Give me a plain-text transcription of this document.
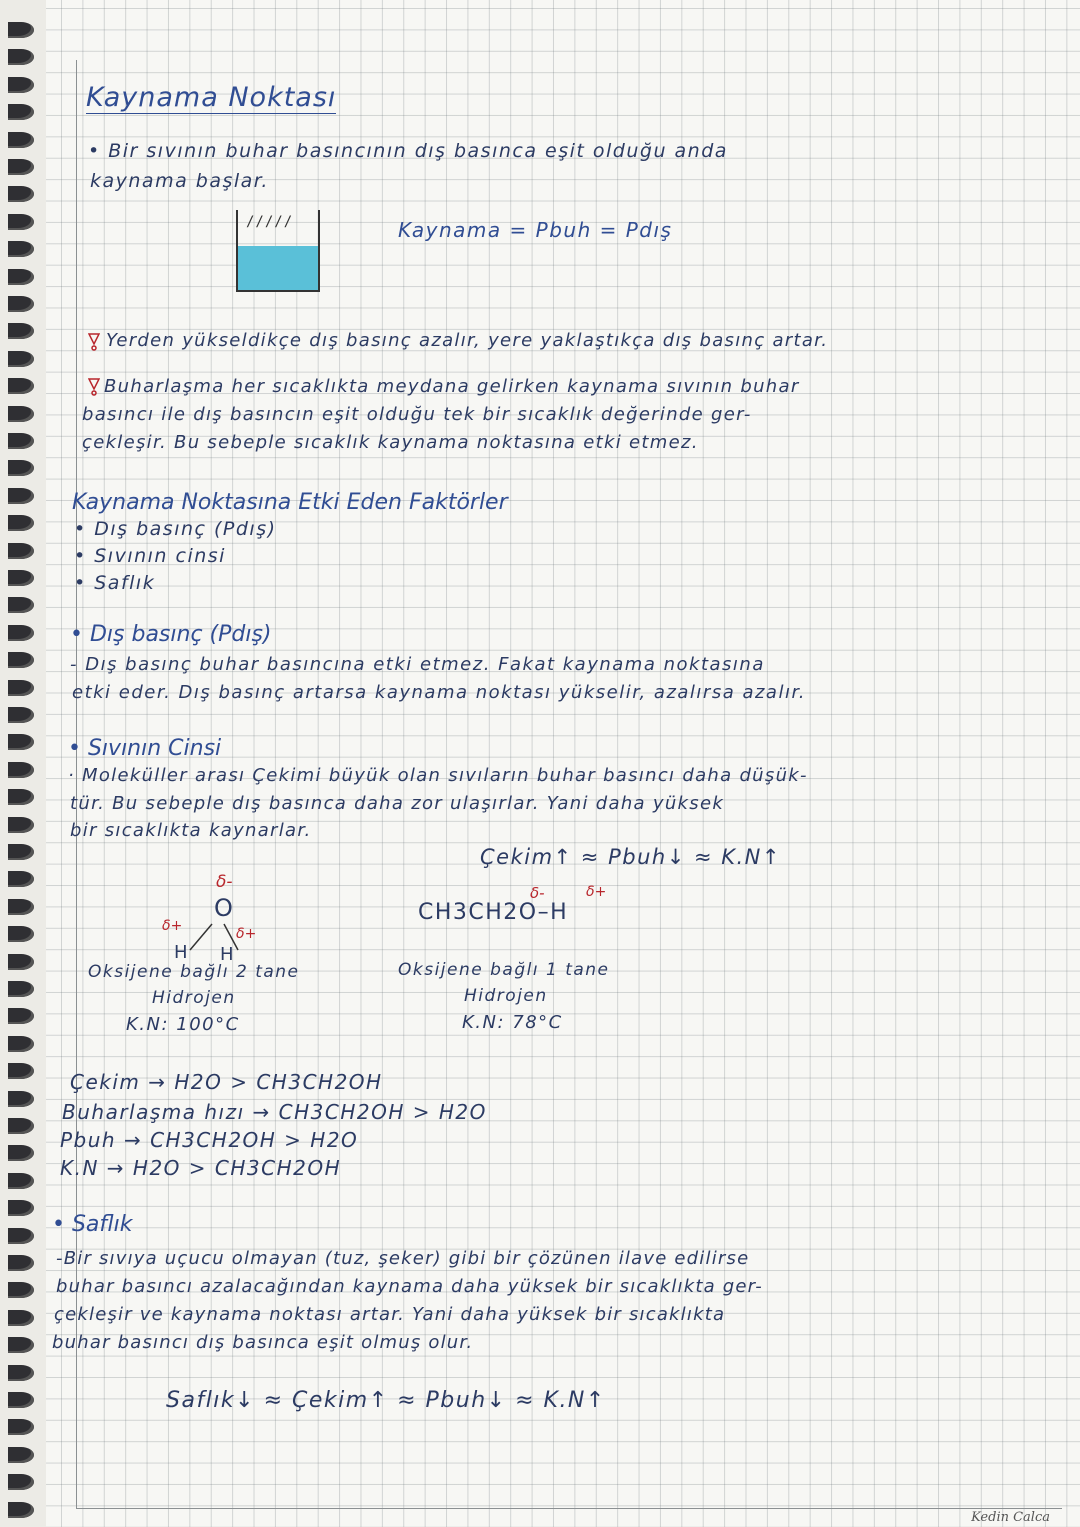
Kaynama Noktası
• Bir sıvının buhar basıncının dış basınca eşit olduğu anda
kaynama başlar.
/////	Kaynama = Pbuh = Pdış
Yerden yükseldikçe dış basınç azalır, yere yaklaştıkça dış basınç artar.
Buharlaşma her sıcaklıkta meydana gelirken kaynama sıvının buhar
basıncı ile dış basıncın eşit olduğu tek bir sıcaklık değerinde ger-
çekleşir. Bu sebeple sıcaklık kaynama noktasına etki etmez.
Kaynama Noktasına Etki Eden Faktörler
• Dış basınç (Pdış)
• Sıvının cinsi
• Saflık
• Dış basınç (Pdış)
- Dış basınç buhar basıncına etki etmez. Fakat kaynama noktasına
etki eder. Dış basınç artarsa kaynama noktası yükselir, azalırsa azalır.
• Sıvının Cinsi
· Moleküller arası Çekimi büyük olan sıvıların buhar basıncı daha düşük-
tür. Bu sebeple dış basınca daha zor ulaşırlar. Yani daha yüksek
bir sıcaklıkta kaynarlar.
Çekim↑ ≈ Pbuh↓ ≈ K.N↑
δ-
O
δ+	δ+
H H
Oksijene bağlı 2 tane
Hidrojen
K.N: 100°C
δ-	δ+
CH3CH2O–H
Oksijene bağlı 1 tane
Hidrojen
K.N: 78°C
Çekim → H2O > CH3CH2OH
Buharlaşma hızı → CH3CH2OH > H2O
Pbuh → CH3CH2OH > H2O
K.N → H2O > CH3CH2OH
• Saflık
-Bir sıvıya uçucu olmayan (tuz, şeker) gibi bir çözünen ilave edilirse
buhar basıncı azalacağından kaynama daha yüksek bir sıcaklıkta ger-
çekleşir ve kaynama noktası artar. Yani daha yüksek bir sıcaklıkta
buhar basıncı dış basınca eşit olmuş olur.
Saflık↓ ≈ Çekim↑ ≈ Pbuh↓ ≈ K.N↑
Kedin Calca
